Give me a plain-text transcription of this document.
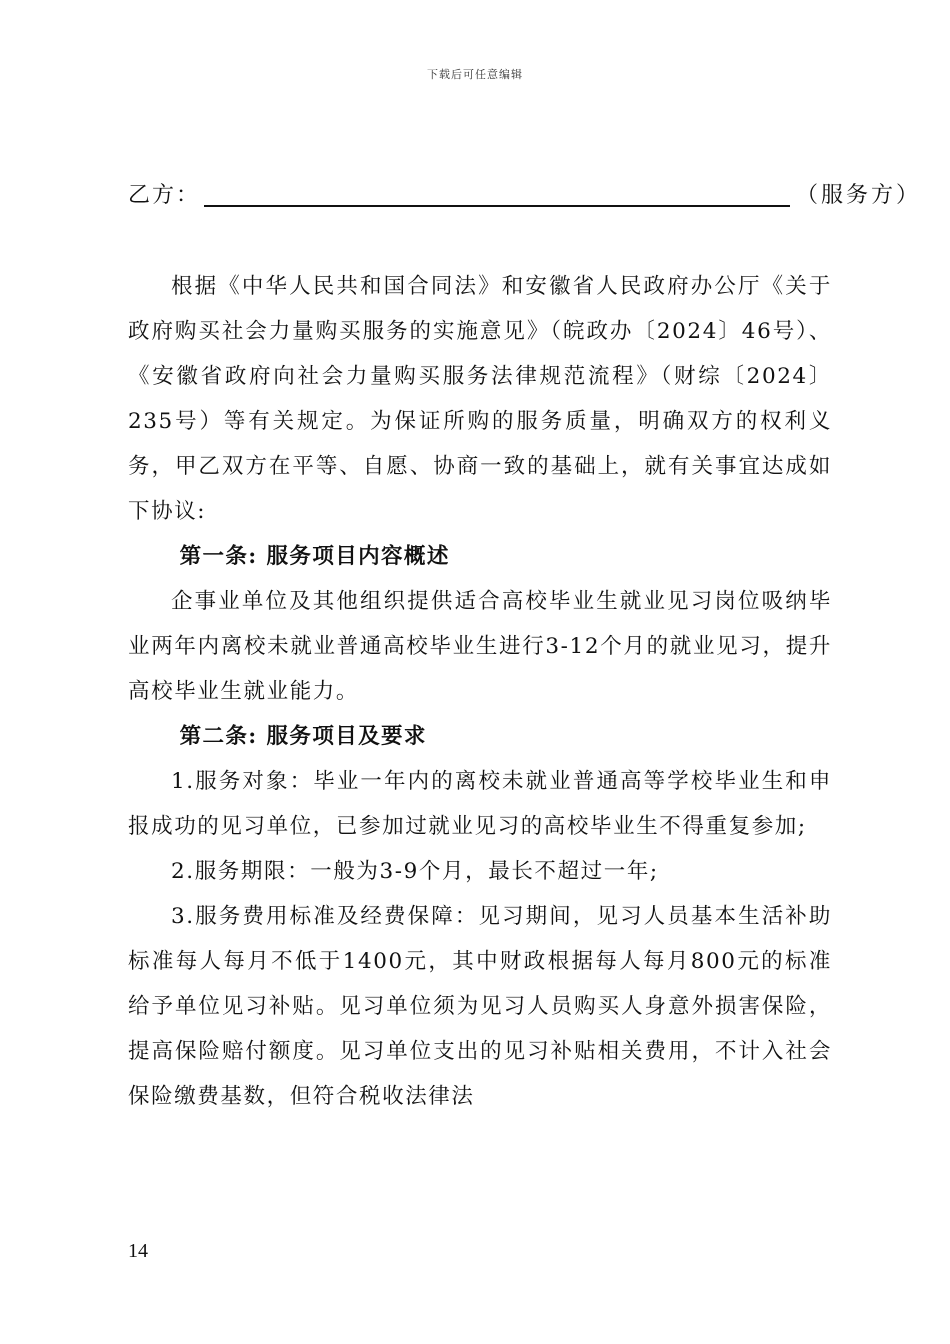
下载后可任意编辑
乙方：	（服务方）

根据《中华人民共和国合同法》和安徽省人民政府办公厅《关于政府购买社会力量购买服务的实施意见》（皖政办〔2024〕46号）、《安徽省政府向社会力量购买服务法律规范流程》（财综〔2024〕235号）等有关规定。为保证所购的服务质量，明确双方的权利义务，甲乙双方在平等、自愿、协商一致的基础上，就有关事宜达成如下协议:

第一条: 服务项目内容概述

企事业单位及其他组织提供适合高校毕业生就业见习岗位吸纳毕业两年内离校未就业普通高校毕业生进行3-12个月的就业见习，提升高校毕业生就业能力。

第二条: 服务项目及要求

1.服务对象：毕业一年内的离校未就业普通高等学校毕业生和申报成功的见习单位，已参加过就业见习的高校毕业生不得重复参加;

2.服务期限：一般为3-9个月，最长不超过一年;

3.服务费用标准及经费保障：见习期间，见习人员基本生活补助标准每人每月不低于1400元，其中财政根据每人每月800元的标准给予单位见习补贴。见习单位须为见习人员购买人身意外损害保险，提高保险赔付额度。见习单位支出的见习补贴相关费用，不计入社会保险缴费基数，但符合税收法律法

14
